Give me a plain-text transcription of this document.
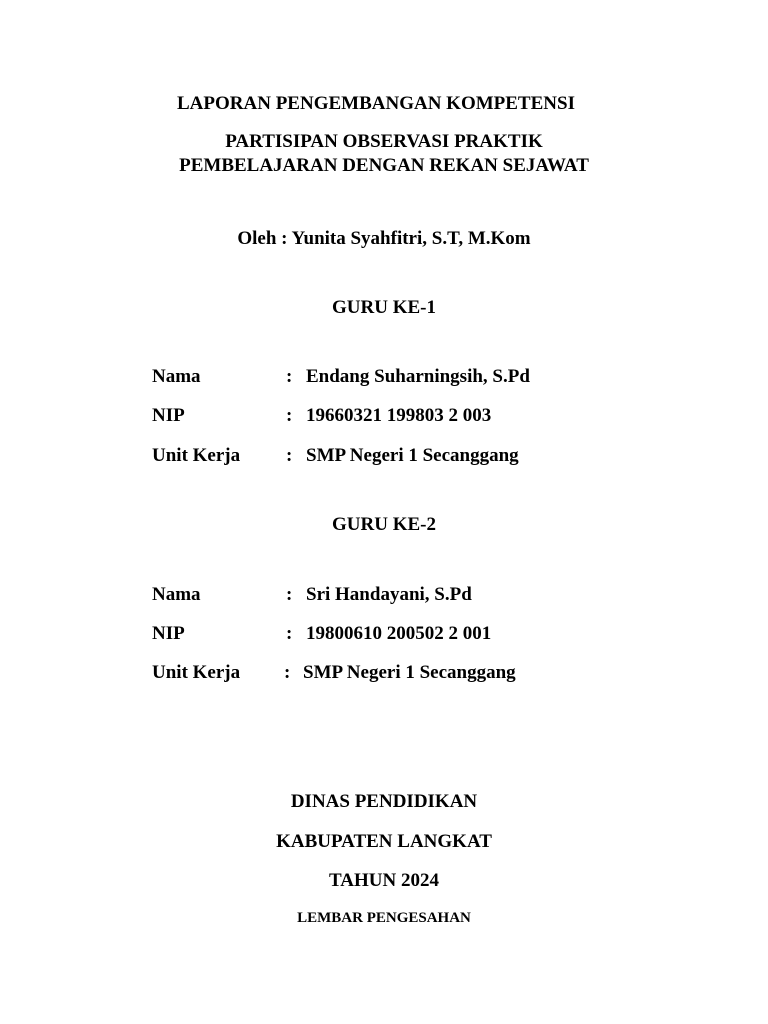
LAPORAN PENGEMBANGAN KOMPETENSI
PARTISIPAN OBSERVASI PRAKTIK
PEMBELAJARAN DENGAN REKAN SEJAWAT
Oleh : Yunita Syahfitri, S.T, M.Kom
GURU KE-1
Nama	: Endang Suharningsih, S.Pd
NIP	: 19660321 199803 2 003
Unit Kerja : SMP Negeri 1 Secanggang
GURU KE-2
Nama	: Sri Handayani, S.Pd
NIP	: 19800610 200502 2 001
Unit Kerja : SMP Negeri 1 Secanggang
DINAS PENDIDIKAN
KABUPATEN LANGKAT
TAHUN 2024
LEMBAR PENGESAHAN
